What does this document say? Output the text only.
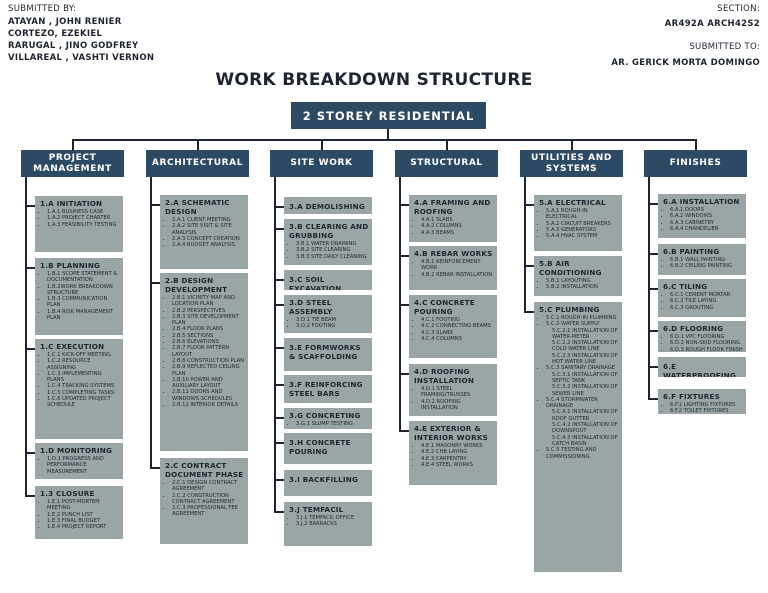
SUBMITTED BY:
ATAYAN , JOHN RENIER
CORTEZO, EZEKIEL
RARUGAL , JINO GODFREY
VILLAREAL , VASHTI VERNON
SECTION:
AR492A ARCH42S2
SUBMITTED TO:
AR. GERICK MORTA DOMINGO
WORK BREAKDOWN STRUCTURE
2 STOREY RESIDENTIAL
PROJECT MANAGEMENT
1.A INITIATION
• 1.A.1 BUSINESS CASE
• 1.A.2 PROJECT CHARTER
• 1.A.3 FEASIBILITY TESTING
1.B PLANNING
• 1.B.1 SCOPE STATEMENT & DOCUMENTATION
• 1.B.2WORK BREAKDOWN STRUCTURE
• 1.B.3 COMMUNICATION PLAN
• 1.B.4 RISK MANAGEMENT PLAN
1.C EXECUTION
• 1.C.1 KICK-OFF MEETING
• 1.C.2 RESOURCE ASSIGNING
• 1.C.3 IMPLEMENTING PLANS
• 1.C.4 TRACKING SYSTEMS
• 1.C.5 COMPLETING TASKS
• 1.C.6 UPDATED PROJECT SCHEDULE
1.D MONITORING
• 1.D.1 PROGRESS AND PERFORMANCE MEASUREMENT
1.3 CLOSURE
• 1.E.1 POST-MORTEM MEETING
• 1.E.2 PUNCH LIST
• 1.E.3 FINAL BUDGET
• 1.E.4 PROJECT REPORT
ARCHITECTURAL
2.A SCHEMATIC DESIGN
• 2.A.1 CLIENT MEETING
• 2.A.2 SITE VISIT & SITE ANALYSIS
• 2.A.3 CONCEPT CREATION
• 2.A.4 BUDGET ANALYSIS
2.B DESIGN DEVELOPMENT
• 2.B.1 VICINITY MAP AND LOCATION PLAN
• 2.B.2 PERSPECTIVES
• 2.B.3 SITE DEVELOPMENT PLAN
• 2.B.4 FLOOR PLANS
• 2.B.5 SECTIONS
• 2.B.6 ELEVATIONS
• 2.B.7 FLOOR PATTERN LAYOUT
• 2.B.8 CONSTRUCTION PLAN
• 2.B.9 REFLECTED CEILING PLAN
• 2.B.10 POWER AND AUXILIARY LAYOUT
• 2.B.11 DOORS AND WINDOWS SCHEDULES
• 2.B.12 INTERIOR DETAILS
2.C CONTRACT DOCUMENT PHASE
• 2.C.1 DESIGN CONTRACT AGREEMENT
• 2.C.2 CONSTRUCTION CONTRACT AGREEMENT
• 2.C.3 PROFESSIONAL FEE AGREEMENT
SITE WORK
3.A DEMOLISHING
3.B CLEARING AND GRUBBING
• 3.B.1 WATER DRAINING
• 3.B.2 SITE CLEARING
• 3.B.3 SITE DAILY CLEANING
3.C SOIL EXCAVATION
3.D STEEL ASSEMBLY
• 3.D.1 TIE BEAM
• 3.D.2 FOOTING
3.E FORMWORKS & SCAFFOLDING
3.F REINFORCING STEEL BARS
3.G CONCRETING
• 3.G.1 SLUMP TESTING
3.H CONCRETE POURING
3.I BACKFILLING
3.J TEMFACIL
• 3.J.1 TEMFACIL OFFICE
• 3.J.2 BARRACKS
STRUCTURAL
4.A FRAMING AND ROOFING
• 4.A.1 SLABS
• 4.A.2 COLUMNS
• 4.A.3 BEAMS
4.B REBAR WORKS
• 4.B.1 REINFORCEMENT WORK
• 4.B.2 REBAR INSTALLATION
4.C CONCRETE POURING
• 4.C.1 FOOTING
• 4.C.2 CONNECTING BEAMS
• 4.C.3 SLABS
• 4.C.4 COLUMNS
4.D ROOFING INSTALLATION
• 4.D.1 STEEL FRAMING/TRUSSES
• 4.D.2 ROOFING INSTALLATION
4.E EXTERIOR & INTERIOR WORKS
• 4.E.1 MASONRY WORKS
• 4.E.2 CHB LAYING
• 4.E.3 CARPENTRY
• 4.E.4 STEEL WORKS
UTILITIES AND SYSTEMS
5.A ELECTRICAL
• 5.A.1 ROUGH-IN ELECTRICAL
• 5.A.2 CIRCUIT BREAKERS
• 5.A.3 GENERATORS
• 5.A.4 HVAC SYSTEM
5.B AIR CONDITIONING
• 5.B.1 LAYOUTING
• 5.B.2 INSTALLATION
5.C PLUMBING
• 5.C.1 ROUGH-IN PLUMBING
• 5.C.2 WATER SUPPLY
5.C.2.1 INSTALLATION OF WATER-METER
5.C.2.2 INSTALLATION OF COLD WATER LINE
5.C.2.3 INSTALLATION OF HOT WATER LINE
• 5.C.3 SANITARY DRAINAGE
5.C.3.1 INSTALLATION OF SEPTIC TANK
5.C.3.2 INSTALLATION OF SEWER LINE
• 5.C.4 STORMWATER DRAINAGE
5.C.4.1 INSTALLATION OF ROOF GUTTER
5.C.4.2 INSTALLATION OF DOWNSPOUT
5.C.4.3 INSTALLATION OF CATCH BASIN
• 5.C.5 TESTING AND COMMISSIONING
FINISHES
6.A INSTALLATION
• 6.A.1 DOORS
• 6.A.2 WINDOWS
• 6.A.3 CABINETRY
• 6.A.4 CHANDELIER
6.B PAINTING
• 6.B.1 WALL PAINTING
• 6.B.2 CEILING PAINTING
6.C TILING
• 6.C.1 CEMENT MORTAR
• 6.C.2 TILE LAYING
• 6.C.3 GROUTING
6.D FLOORING
• 6.D.1 VPC FLOORING
• 6.D.2 NON-SKID FLOORING
• 6.D.3 ROUGH FLOOR FINISH
6.E WATERPROOFING
6.F FIXTURES
• 6.F.1 LIGHTING FIXTURES
• 6.F.2 TOILET FIXTURES
